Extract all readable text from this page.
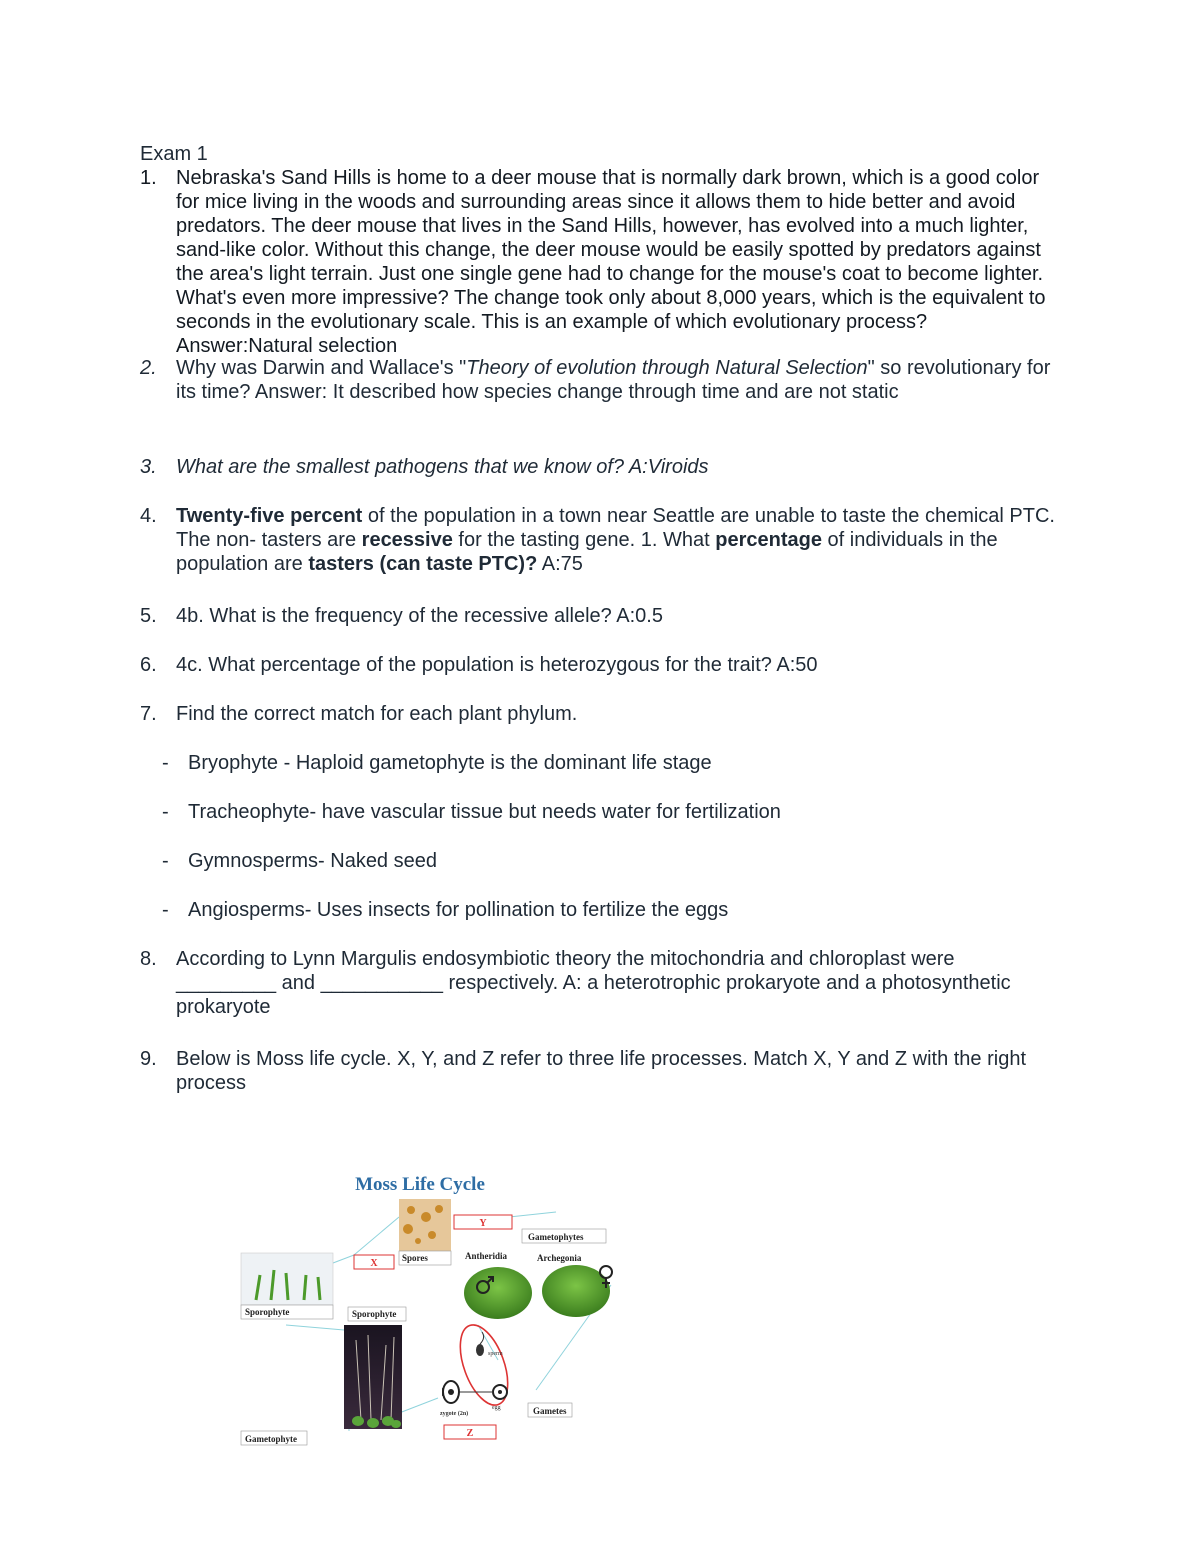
Exam 1
1. Nebraska's Sand Hills is home to a deer mouse that is normally dark brown, which is a good color for mice living in the woods and surrounding areas since it allows them to hide better and avoid predators. The deer mouse that lives in the Sand Hills, however, has evolved into a much lighter, sand-like color. Without this change, the deer mouse would be easily spotted by predators against the area's light terrain. Just one single gene had to change for the mouse's coat to become lighter. What's even more impressive? The change took only about 8,000 years, which is the equivalent to seconds in the evolutionary scale. This is an example of which evolutionary process? Answer:Natural selection
2. Why was Darwin and Wallace's "Theory of evolution through Natural Selection" so revolutionary for its time? Answer: It described how species change through time and are not static
3. What are the smallest pathogens that we know of? A:Viroids
4. Twenty-five percent of the population in a town near Seattle are unable to taste the chemical PTC. The non- tasters are recessive for the tasting gene. 1. What percentage of individuals in the population are tasters (can taste PTC)? A:75
5. 4b. What is the frequency of the recessive allele? A:0.5
6. 4c. What percentage of the population is heterozygous for the trait? A:50
7. Find the correct match for each plant phylum.
- Bryophyte - Haploid gametophyte is the dominant life stage
- Tracheophyte- have vascular tissue but needs water for fertilization
- Gymnosperms- Naked seed
- Angiosperms- Uses insects for pollination to fertilize the eggs
8. According to Lynn Margulis endosymbiotic theory the mitochondria and chloroplast were _________ and ___________ respectively. A: a heterotrophic prokaryote and a photosynthetic prokaryote
9. Below is Moss life cycle. X, Y, and Z refer to three life processes. Match X, Y and Z with the right process
Moss Life Cycle
Spores
Y
Gametophytes
Antheridia	Archegonia
X
Sporophyte	Sporophyte
Gametophyte
sperm
egg
zygote (2n)	Gametes
Z
